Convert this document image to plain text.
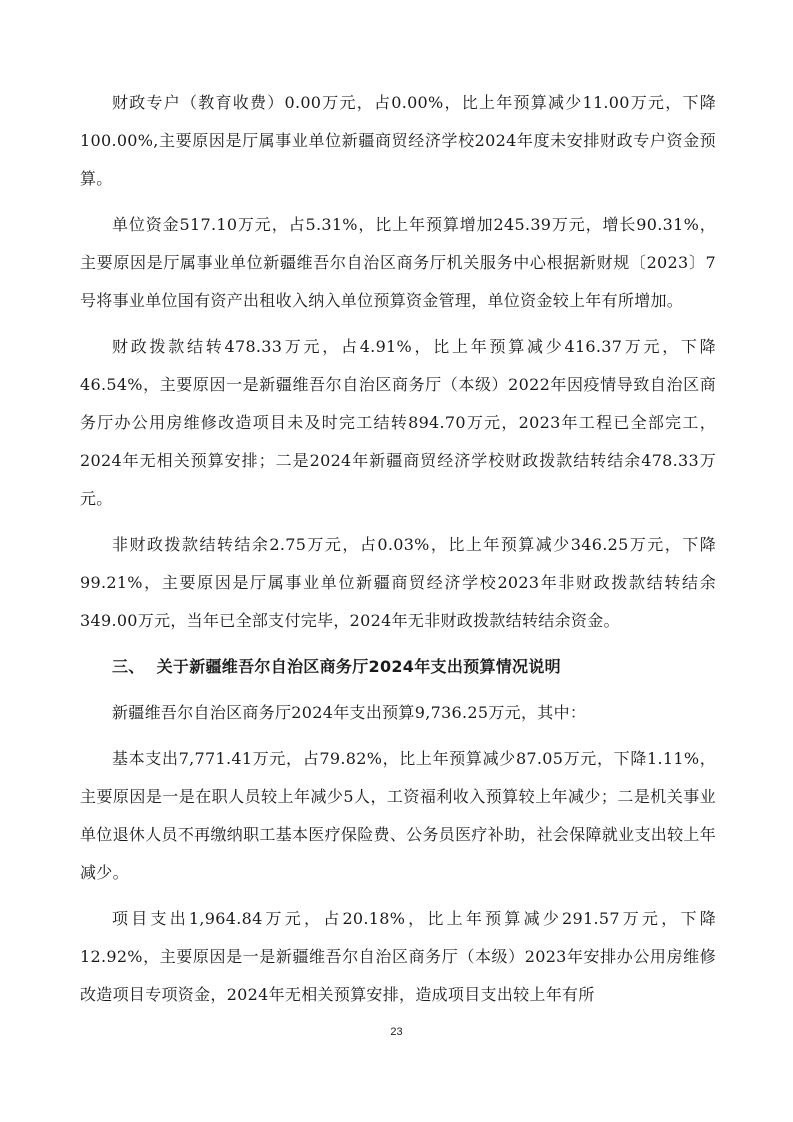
财政专户（教育收费）0.00万元，占0.00%，比上年预算减少11.00万元，下降100.00%,主要原因是厅属事业单位新疆商贸经济学校2024年度未安排财政专户资金预算。

单位资金517.10万元，占5.31%，比上年预算增加245.39万元，增长90.31%，主要原因是厅属事业单位新疆维吾尔自治区商务厅机关服务中心根据新财规〔2023〕7号将事业单位国有资产出租收入纳入单位预算资金管理，单位资金较上年有所增加。

财政拨款结转478.33万元，占4.91%，比上年预算减少416.37万元，下降46.54%，主要原因一是新疆维吾尔自治区商务厅（本级）2022年因疫情导致自治区商务厅办公用房维修改造项目未及时完工结转894.70万元，2023年工程已全部完工，2024年无相关预算安排；二是2024年新疆商贸经济学校财政拨款结转结余478.33万元。

非财政拨款结转结余2.75万元，占0.03%，比上年预算减少346.25万元，下降99.21%，主要原因是厅属事业单位新疆商贸经济学校2023年非财政拨款结转结余349.00万元，当年已全部支付完毕，2024年无非财政拨款结转结余资金。

三、 关于新疆维吾尔自治区商务厅2024年支出预算情况说明

新疆维吾尔自治区商务厅2024年支出预算9,736.25万元，其中：

基本支出7,771.41万元，占79.82%，比上年预算减少87.05万元，下降1.11%，主要原因是一是在职人员较上年减少5人，工资福利收入预算较上年减少；二是机关事业单位退休人员不再缴纳职工基本医疗保险费、公务员医疗补助，社会保障就业支出较上年减少。

项目支出1,964.84万元，占20.18%，比上年预算减少291.57万元，下降12.92%，主要原因是一是新疆维吾尔自治区商务厅（本级）2023年安排办公用房维修改造项目专项资金，2024年无相关预算安排，造成项目支出较上年有所

23
